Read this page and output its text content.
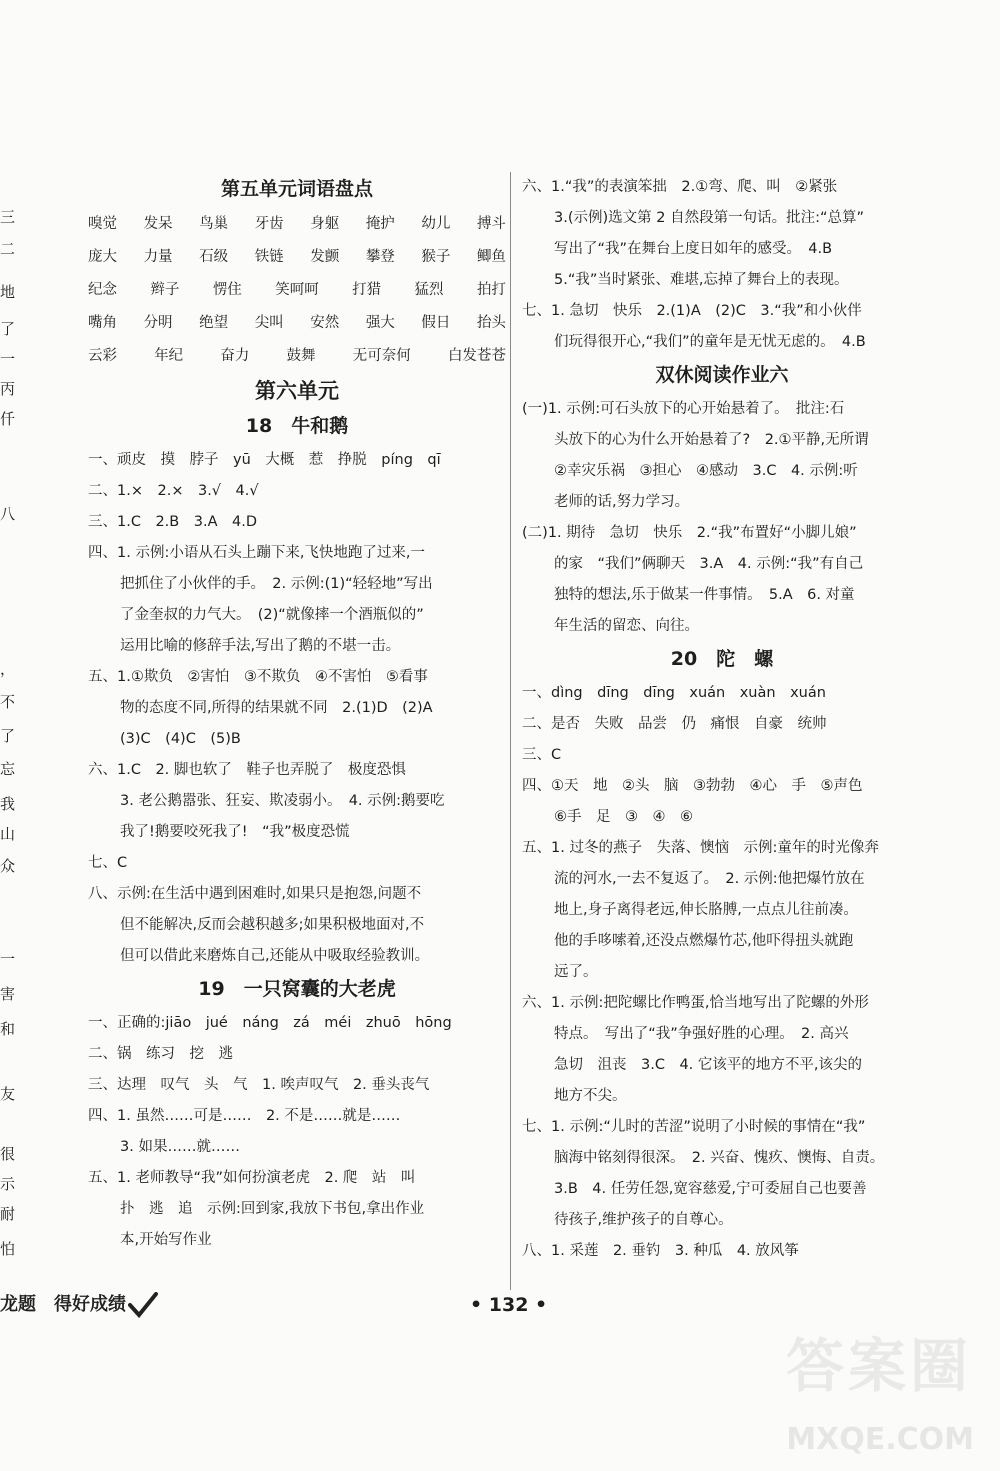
三
二
地
了
一
丙
仟
八
，
不
了
忘
我
山
众
一
害
和
友
很
示
耐
怕
第五单元词语盘点
嗅觉 发呆 鸟巢 牙齿 身躯 掩护 幼儿 搏斗
庞大 力量 石级 铁链 发颤 攀登 猴子 鲫鱼
纪念 辫子 愣住 笑呵呵 打猎 猛烈 拍打
嘴角 分明 绝望 尖叫 安然 强大 假日 抬头
云彩	年纪	奋力	鼓舞	无可奈何	白发苍苍
第六单元
18　牛和鹅
一、顽皮　摸　脖子　yū　大概　惹　挣脱　píng　qī
二、1.×　2.×　3.√　4.√
三、1.C　2.B　3.A　4.D
四、1. 示例:小语从石头上蹦下来,飞快地跑了过来,一
把抓住了小伙伴的手。　2. 示例:(1)“轻轻地”写出
了金奎叔的力气大。　(2)“就像摔一个酒瓶似的”
运用比喻的修辞手法,写出了鹅的不堪一击。
五、1.①欺负　②害怕　③不欺负　④不害怕　⑤看事
物的态度不同,所得的结果就不同　2.(1)D　(2)A
(3)C　(4)C　(5)B
六、1.C　2. 脚也软了　鞋子也弄脱了　极度恐惧
3. 老公鹅嚣张、狂妄、欺凌弱小。　4. 示例:鹅要吃
我了!鹅要咬死我了!　“我”极度恐慌
七、C
八、示例:在生活中遇到困难时,如果只是抱怨,问题不
但不能解决,反而会越积越多;如果积极地面对,不
但可以借此来磨炼自己,还能从中吸取经验教训。
19　一只窝囊的大老虎
一、正确的:jiāo　jué　náng　zá　méi　zhuō　hōng
二、锅　练习　挖　逃
三、达理　叹气　头　气　1. 唉声叹气　2. 垂头丧气
四、1. 虽然……可是……　2. 不是……就是……
3. 如果……就……
五、1. 老师教导“我”如何扮演老虎　2. 爬　站　叫
扑　逃　追　示例:回到家,我放下书包,拿出作业
本,开始写作业
六、1.“我”的表演笨拙　2.①弯、爬、叫　②紧张
3.(示例)选文第 2 自然段第一句话。批注:“总算”
写出了“我”在舞台上度日如年的感受。　4.B
5.“我”当时紧张、难堪,忘掉了舞台上的表现。
七、1. 急切　快乐　2.(1)A　(2)C　3.“我”和小伙伴
们玩得很开心,“我们”的童年是无忧无虑的。　4.B
双休阅读作业六
(一)1. 示例:可石头放下的心开始悬着了。　批注:石
头放下的心为什么开始悬着了?　2.①平静,无所谓
②幸灾乐祸　③担心　④感动　3.C　4. 示例:听
老师的话,努力学习。
(二)1. 期待　急切　快乐　2.“我”布置好“小脚儿娘”
的家　“我们”俩聊天　3.A　4. 示例:“我”有自己
独特的想法,乐于做某一件事情。　5.A　6. 对童
年生活的留恋、向往。
20　陀　螺
一、dìng　dīng　dīng　xuán　xuàn　xuán
二、是否　失败　品尝　仍　痛恨　自豪　统帅
三、C
四、①天　地　②头　脑　③勃勃　④心　手　⑤声色
⑥手　足　③　④　⑥
五、1. 过冬的燕子　失落、懊恼　示例:童年的时光像奔
流的河水,一去不复返了。　2. 示例:他把爆竹放在
地上,身子离得老远,伸长胳膊,一点点儿往前凑。
他的手哆嗦着,还没点燃爆竹芯,他吓得扭头就跑
远了。
六、1. 示例:把陀螺比作鸭蛋,恰当地写出了陀螺的外形
特点。　写出了“我”争强好胜的心理。　2. 高兴
急切　沮丧　3.C　4. 它该平的地方不平,该尖的
地方不尖。
七、1. 示例:“儿时的苦涩”说明了小时候的事情在“我”
脑海中铭刻得很深。　2. 兴奋、愧疚、懊悔、自责。
3.B　4. 任劳任怨,宽容慈爱,宁可委屈自己也要善
待孩子,维护孩子的自尊心。
八、1. 采莲　2. 垂钓　3. 种瓜　4. 放风筝
龙题　得好成绩	• 132 •
答案圈
MXQE.COM
